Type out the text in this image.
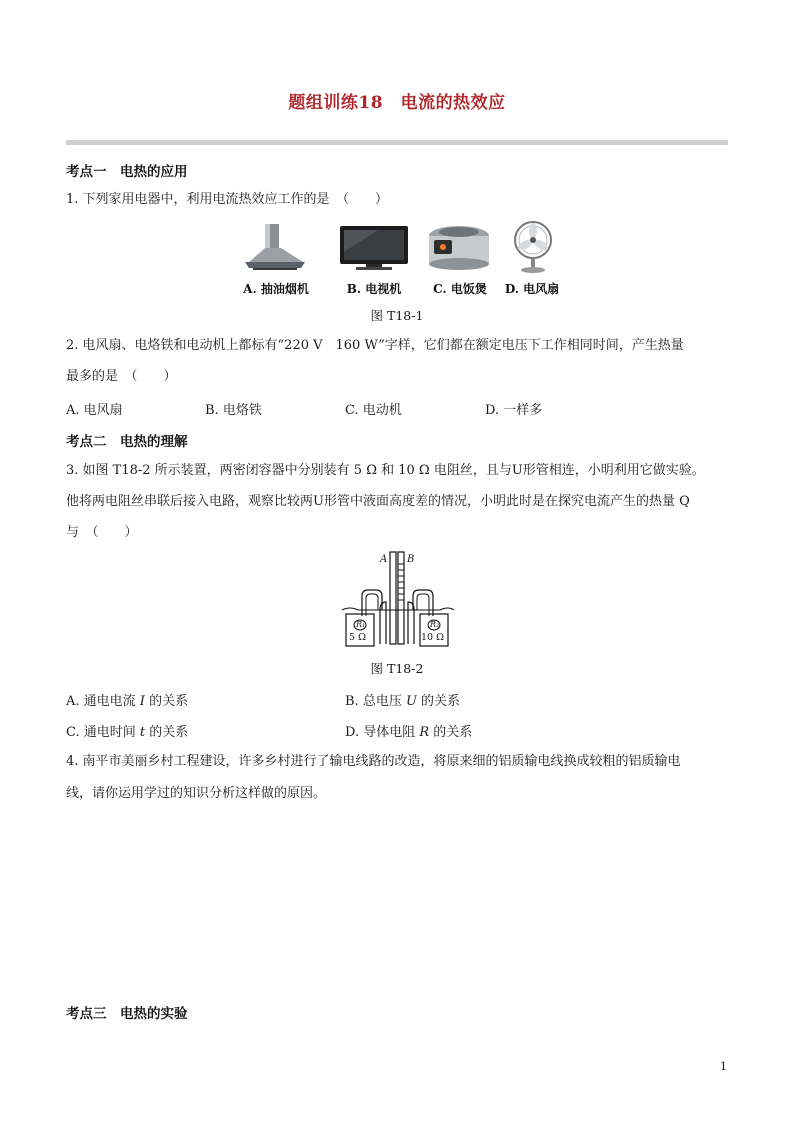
题组训练18　电流的热效应
考点一　电热的应用
1. 下列家用电器中，利用电流热效应工作的是　（　　）
A. 抽油烟机	B. 电视机	C. 电饭煲	D. 电风扇
图 T18-1
2. 电风扇、电烙铁和电动机上都标有“220 V　160 W”字样，它们都在额定电压下工作相同时间，产生热量
最多的是　（　　）
A. 电风扇	B. 电烙铁	C. 电动机	D. 一样多
考点二　电热的理解
3. 如图 T18-2 所示装置，两密闭容器中分别装有 5 Ω 和 10 Ω 电阻丝，且与U形管相连，小明利用它做实验。
他将两电阻丝串联后接入电路，观察比较两U形管中液面高度差的情况，小明此时是在探究电流产生的热量 Q
与　（　　）
A B
R₁	R₂
5 Ω	10 Ω
图 T18-2
A. 通电电流 I 的关系	B. 总电压 U 的关系
C. 通电时间 t 的关系	D. 导体电阻 R 的关系
4. 南平市美丽乡村工程建设，许多乡村进行了输电线路的改造，将原来细的铝质输电线换成较粗的铝质输电
线，请你运用学过的知识分析这样做的原因。
考点三　电热的实验
1
